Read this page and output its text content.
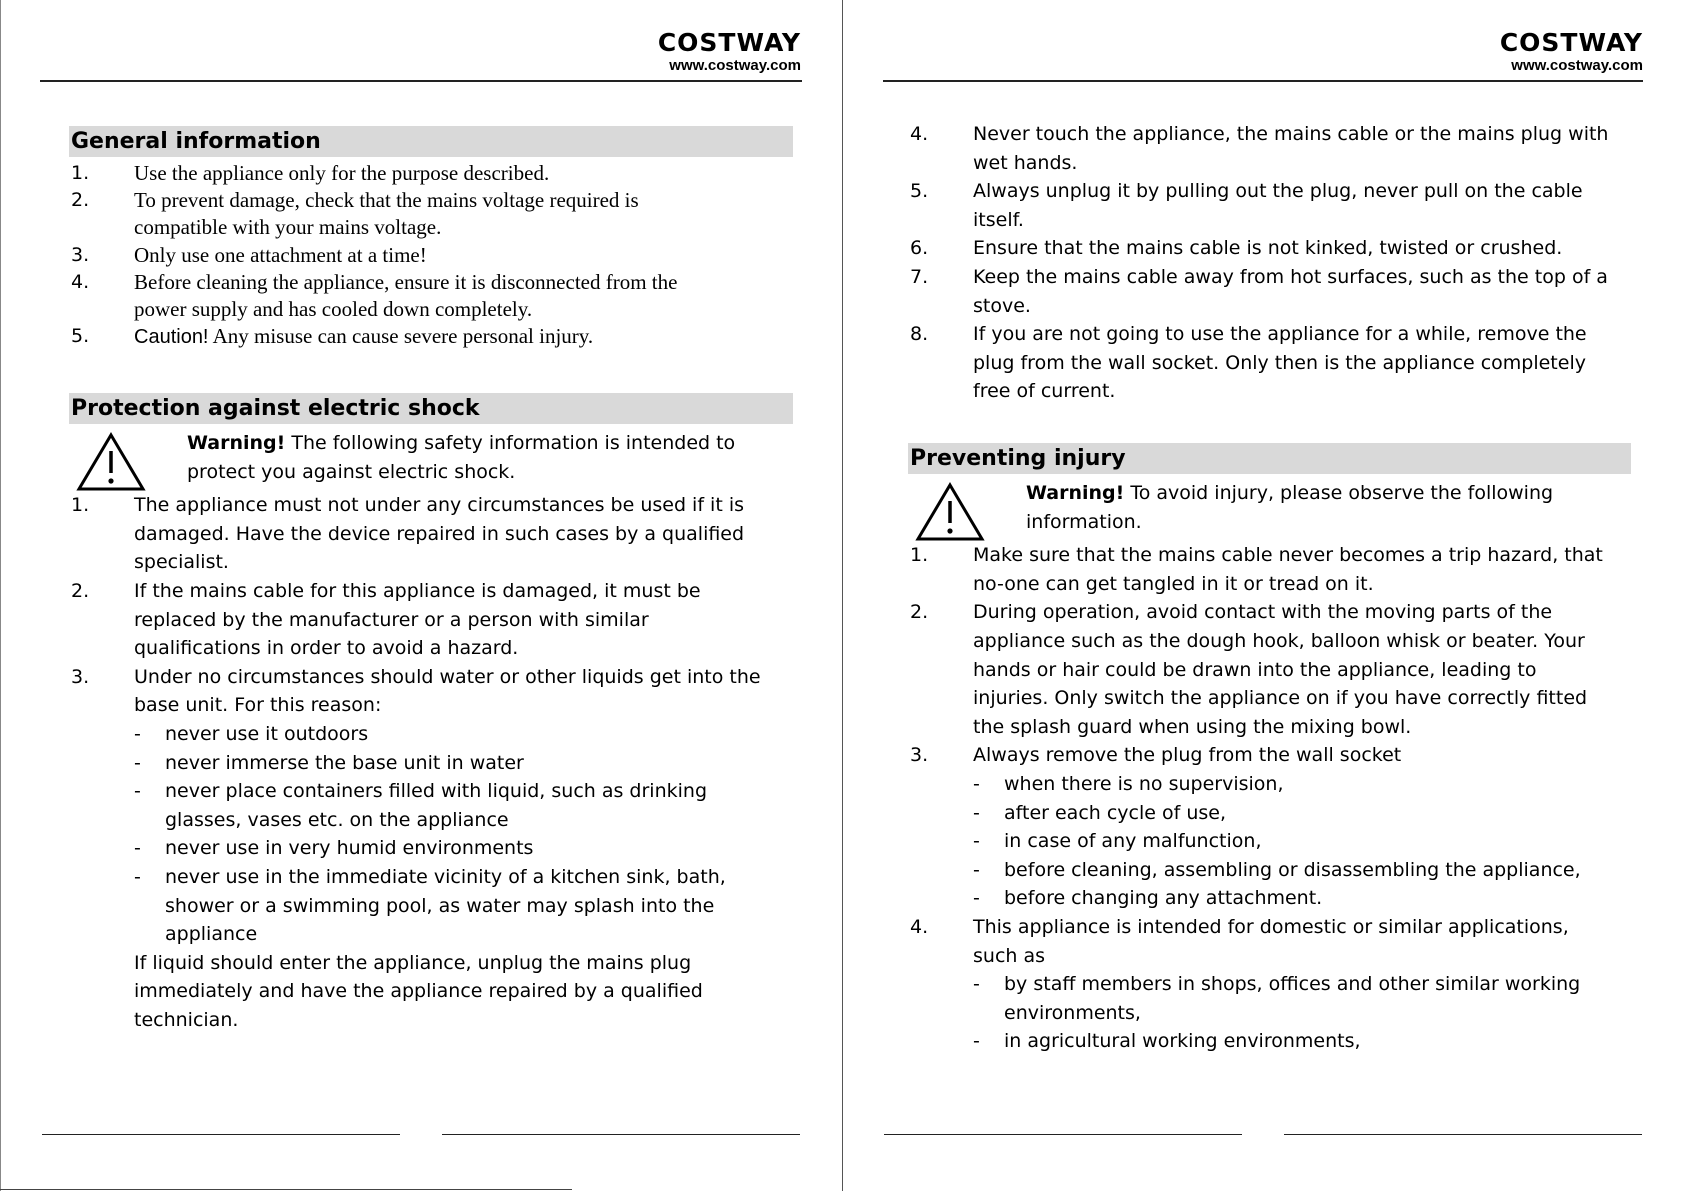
COSTWAY
www.costway.com
General information
1. Use the appliance only for the purpose described.
2. To prevent damage, check that the mains voltage required is
compatible with your mains voltage.
3. Only use one attachment at a time!
4. Before cleaning the appliance, ensure it is disconnected from the
power supply and has cooled down completely.
5. Caution! Any misuse can cause severe personal injury.
Protection against electric shock
Warning! The following safety information is intended to
protect you against electric shock.
1. The appliance must not under any circumstances be used if it is
damaged. Have the device repaired in such cases by a qualified
specialist.
2. If the mains cable for this appliance is damaged, it must be
replaced by the manufacturer or a person with similar
qualifications in order to avoid a hazard.
3. Under no circumstances should water or other liquids get into the
base unit. For this reason:
- never use it outdoors
- never immerse the base unit in water
- never place containers filled with liquid, such as drinking
glasses, vases etc. on the appliance
- never use in very humid environments
- never use in the immediate vicinity of a kitchen sink, bath,
shower or a swimming pool, as water may splash into the
appliance
If liquid should enter the appliance, unplug the mains plug
immediately and have the appliance repaired by a qualified
technician.
COSTWAY
www.costway.com
4. Never touch the appliance, the mains cable or the mains plug with
wet hands.
5. Always unplug it by pulling out the plug, never pull on the cable
itself.
6. Ensure that the mains cable is not kinked, twisted or crushed.
7. Keep the mains cable away from hot surfaces, such as the top of a
stove.
8. If you are not going to use the appliance for a while, remove the
plug from the wall socket. Only then is the appliance completely
free of current.
Preventing injury
Warning! To avoid injury, please observe the following
information.
1. Make sure that the mains cable never becomes a trip hazard, that
no-one can get tangled in it or tread on it.
2. During operation, avoid contact with the moving parts of the
appliance such as the dough hook, balloon whisk or beater. Your
hands or hair could be drawn into the appliance, leading to
injuries. Only switch the appliance on if you have correctly fitted
the splash guard when using the mixing bowl.
3. Always remove the plug from the wall socket
- when there is no supervision,
- after each cycle of use,
- in case of any malfunction,
- before cleaning, assembling or disassembling the appliance,
- before changing any attachment.
4. This appliance is intended for domestic or similar applications,
such as
- by staff members in shops, offices and other similar working
environments,
- in agricultural working environments,
